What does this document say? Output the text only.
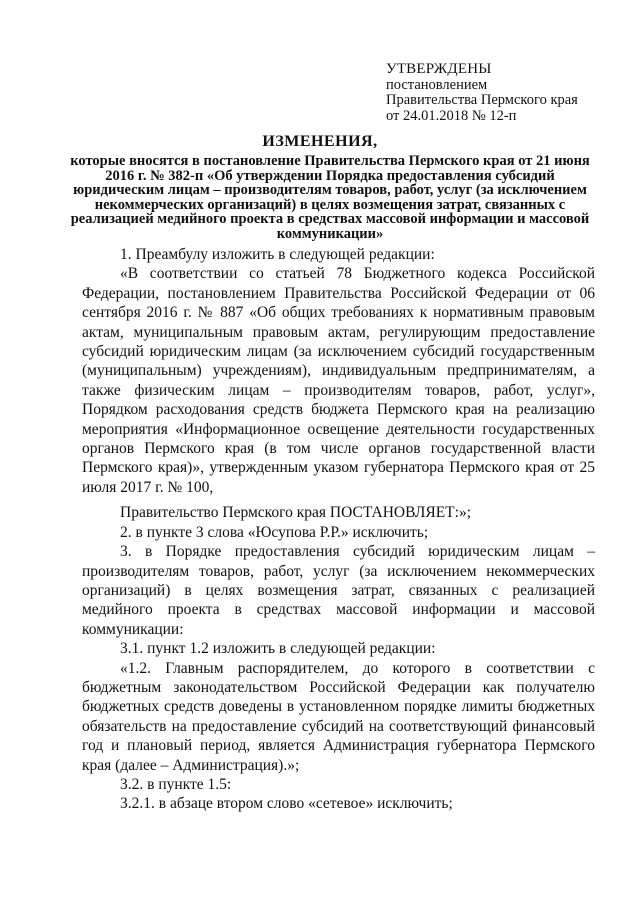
УТВЕРЖДЕНЫ
постановлением
Правительства Пермского края
от 24.01.2018 № 12-п
ИЗМЕНЕНИЯ,
которые вносятся в постановление Правительства Пермского края от 21 июня 2016 г. № 382-п «Об утверждении Порядка предоставления субсидий юридическим лицам – производителям товаров, работ, услуг (за исключением некоммерческих организаций) в целях возмещения затрат, связанных с реализацией медийного проекта в средствах массовой информации и массовой коммуникации»

1. Преамбулу изложить в следующей редакции:

«В соответствии со статьей 78 Бюджетного кодекса Российской Федерации, постановлением Правительства Российской Федерации от 06 сентября 2016 г. № 887 «Об общих требованиях к нормативным правовым актам, муниципальным правовым актам, регулирующим предоставление субсидий юридическим лицам (за исключением субсидий государственным (муниципальным) учреждениям), индивидуальным предпринимателям, а также физическим лицам – производителям товаров, работ, услуг», Порядком расходования средств бюджета Пермского края на реализацию мероприятия «Информационное освещение деятельности государственных органов Пермского края (в том числе органов государственной власти Пермского края)», утвержденным указом губернатора Пермского края от 25 июля 2017 г. № 100,

Правительство Пермского края ПОСТАНОВЛЯЕТ:»;

2. в пункте 3 слова «Юсупова Р.Р.» исключить;

3. в Порядке предоставления субсидий юридическим лицам – производителям товаров, работ, услуг (за исключением некоммерческих организаций) в целях возмещения затрат, связанных с реализацией медийного проекта в средствах массовой информации и массовой коммуникации:

3.1. пункт 1.2 изложить в следующей редакции:

«1.2. Главным распорядителем, до которого в соответствии с бюджетным законодательством Российской Федерации как получателю бюджетных средств доведены в установленном порядке лимиты бюджетных обязательств на предоставление субсидий на соответствующий финансовый год и плановый период, является Администрация губернатора Пермского края (далее – Администрация).»;

3.2. в пункте 1.5:

3.2.1. в абзаце втором слово «сетевое» исключить;
